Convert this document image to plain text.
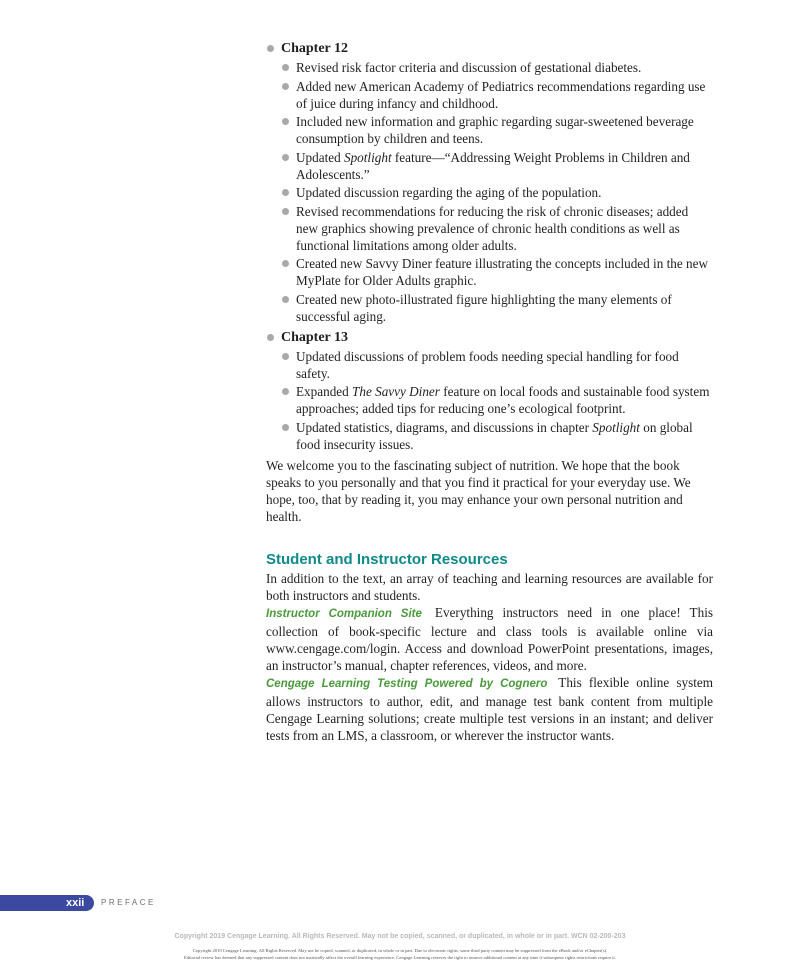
Chapter 12
Revised risk factor criteria and discussion of gestational diabetes.
Added new American Academy of Pediatrics recommendations regarding use of juice during infancy and childhood.
Included new information and graphic regarding sugar-sweetened beverage consumption by children and teens.
Updated Spotlight feature—“Addressing Weight Problems in Children and Adolescents.”
Updated discussion regarding the aging of the population.
Revised recommendations for reducing the risk of chronic diseases; added new graphics showing prevalence of chronic health conditions as well as functional limitations among older adults.
Created new Savvy Diner feature illustrating the concepts included in the new MyPlate for Older Adults graphic.
Created new photo-illustrated figure highlighting the many elements of successful aging.
Chapter 13
Updated discussions of problem foods needing special handling for food safety.
Expanded The Savvy Diner feature on local foods and sustainable food system approaches; added tips for reducing one’s ecological footprint.
Updated statistics, diagrams, and discussions in chapter Spotlight on global food insecurity issues.

We welcome you to the fascinating subject of nutrition. We hope that the book speaks to you personally and that you find it practical for your everyday use. We hope, too, that by reading it, you may enhance your own personal nutrition and health.

Student and Instructor Resources

In addition to the text, an array of teaching and learning resources are available for both instructors and students.

Instructor Companion Site Everything instructors need in one place! This collection of book-specific lecture and class tools is available online via www.cengage.com/login. Access and download PowerPoint presentations, images, an instructor’s manual, chapter references, videos, and more.

Cengage Learning Testing Powered by Cognero This flexible online system allows instructors to author, edit, and manage test bank content from multiple Cengage Learning solutions; create multiple test versions in an instant; and deliver tests from an LMS, a classroom, or wherever the instructor wants.

xxii PREFACE
Copyright 2019 Cengage Learning. All Rights Reserved. May not be copied, scanned, or duplicated, in whole or in part. WCN 02-200-203
Copyright 2019 Cengage Learning. All Rights Reserved. May not be copied, scanned, or duplicated, in whole or in part. Due to electronic rights, some third party content may be suppressed from the eBook and/or eChapter(s).
Editorial review has deemed that any suppressed content does not materially affect the overall learning experience. Cengage Learning reserves the right to remove additional content at any time if subsequent rights restrictions require it.
